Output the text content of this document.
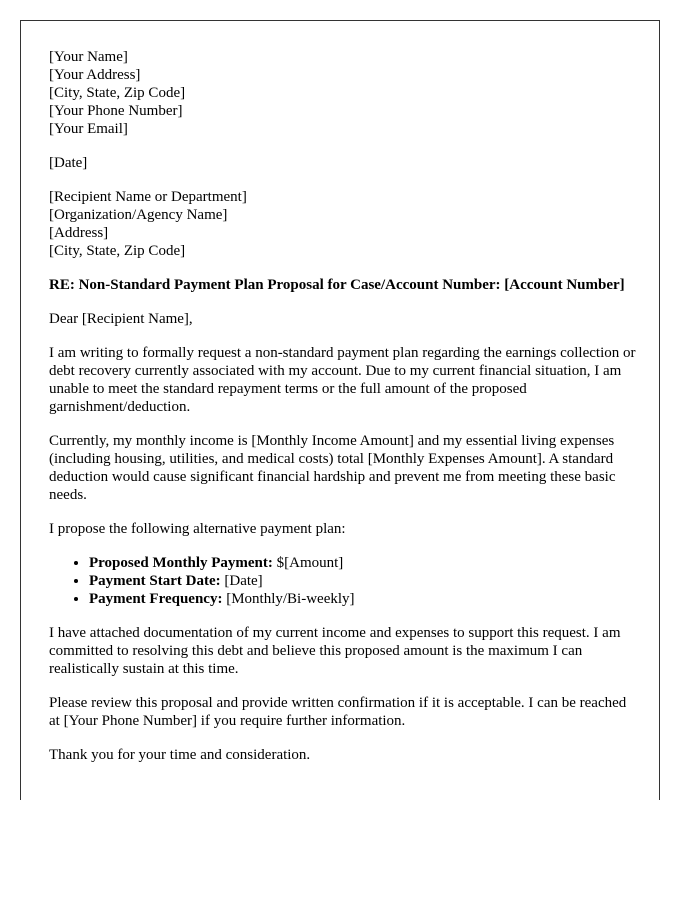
[Your Name]
[Your Address]
[City, State, Zip Code]
[Your Phone Number]
[Your Email]
[Date]
[Recipient Name or Department]
[Organization/Agency Name]
[Address]
[City, State, Zip Code]

RE: Non-Standard Payment Plan Proposal for Case/Account Number: [Account Number]

Dear [Recipient Name],

I am writing to formally request a non-standard payment plan regarding the earnings collection or debt recovery currently associated with my account. Due to my current financial situation, I am unable to meet the standard repayment terms or the full amount of the proposed garnishment/deduction.

Currently, my monthly income is [Monthly Income Amount] and my essential living expenses (including housing, utilities, and medical costs) total [Monthly Expenses Amount]. A standard deduction would cause significant financial hardship and prevent me from meeting these basic needs.

I propose the following alternative payment plan:

• Proposed Monthly Payment: $[Amount]
• Payment Start Date: [Date]
• Payment Frequency: [Monthly/Bi-weekly]

I have attached documentation of my current income and expenses to support this request. I am committed to resolving this debt and believe this proposed amount is the maximum I can realistically sustain at this time.

Please review this proposal and provide written confirmation if it is acceptable. I can be reached at [Your Phone Number] if you require further information.

Thank you for your time and consideration.
